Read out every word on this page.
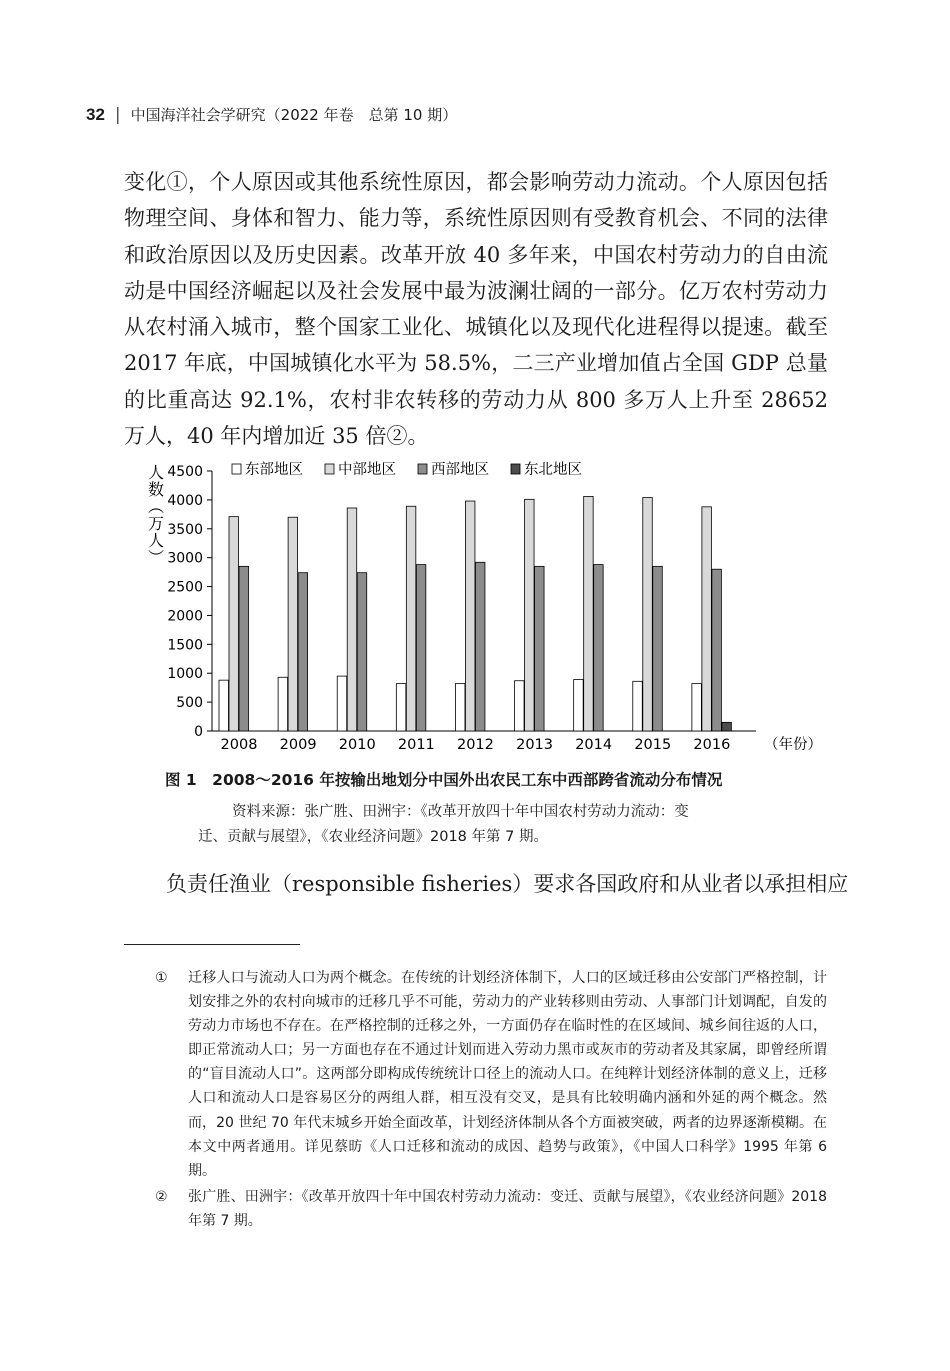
32 | 中国海洋社会学研究（2022 年卷　总第 10 期）

变化①，个人原因或其他系统性原因，都会影响劳动力流动。个人原因包括物理空间、身体和智力、能力等，系统性原因则有受教育机会、不同的法律和政治原因以及历史因素。改革开放 40 多年来，中国农村劳动力的自由流动是中国经济崛起以及社会发展中最为波澜壮阔的一部分。亿万农村劳动力从农村涌入城市，整个国家工业化、城镇化以及现代化进程得以提速。截至 2017 年底，中国城镇化水平为 58.5%，二三产业增加值占全国 GDP 总量的比重高达 92.1%，农村非农转移的劳动力从 800 多万人上升至 28652 万人，40 年内增加近 35 倍②。

人
数
（
万
人
）
0
500
1000
1500
2000
2500
3000
3500
4000
4500
2008 2009 2010 2011 2012 2013 2014 2015 2016 （年份）
东部地区 中部地区 西部地区 东北地区
图 1　2008～2016 年按输出地划分中国外出农民工东中西部跨省流动分布情况
资料来源：张广胜、田洲宇：《改革开放四十年中国农村劳动力流动：变
迁、贡献与展望》，《农业经济问题》2018 年第 7 期。
负责任渔业（responsible fisheries）要求各国政府和从业者以承担相应
①	迁移人口与流动人口为两个概念。在传统的计划经济体制下，人口的区域迁移由公安部门严格控制，计划安排之外的农村向城市的迁移几乎不可能，劳动力的产业转移则由劳动、人事部门计划调配，自发的劳动力市场也不存在。在严格控制的迁移之外，一方面仍存在临时性的在区域间、城乡间往返的人口，即正常流动人口；另一方面也存在不通过计划而进入劳动力黑市或灰市的劳动者及其家属，即曾经所谓的“盲目流动人口”。这两部分即构成传统统计口径上的流动人口。在纯粹计划经济体制的意义上，迁移人口和流动人口是容易区分的两组人群，相互没有交叉，是具有比较明确内涵和外延的两个概念。然而，20 世纪 70 年代末城乡开始全面改革，计划经济体制从各个方面被突破，两者的边界逐渐模糊。在本文中两者通用。详见蔡昉《人口迁移和流动的成因、趋势与政策》，《中国人口科学》1995 年第 6 期。
②	张广胜、田洲宇：《改革开放四十年中国农村劳动力流动：变迁、贡献与展望》，《农业经济问题》2018 年第 7 期。
